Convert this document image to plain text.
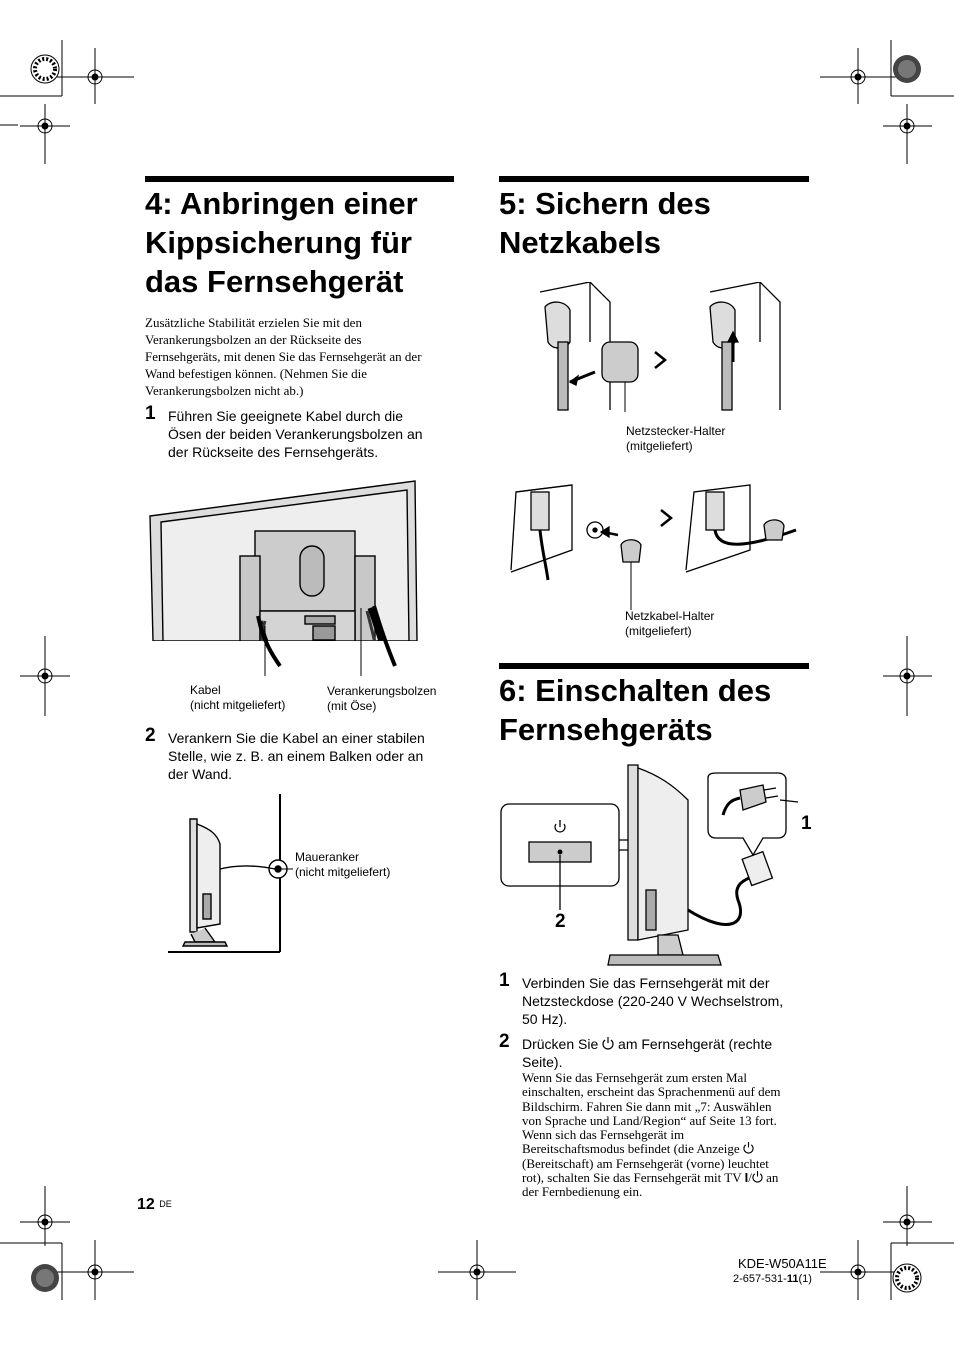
4: Anbringen einer
Kippsicherung für
das Fernsehgerät
Zusätzliche Stabilität erzielen Sie mit den
Verankerungsbolzen an der Rückseite des
Fernsehgeräts, mit denen Sie das Fernsehgerät an der
Wand befestigen können. (Nehmen Sie die
Verankerungsbolzen nicht ab.)
1 Führen Sie geeignete Kabel durch die
Ösen der beiden Verankerungsbolzen an
der Rückseite des Fernsehgeräts.
Kabel
(nicht mitgeliefert)
Verankerungsbolzen
(mit Öse)
2 Verankern Sie die Kabel an einer stabilen
Stelle, wie z. B. an einem Balken oder an
der Wand.
Maueranker
(nicht mitgeliefert)
5: Sichern des
Netzkabels
Netzstecker-Halter
(mitgeliefert)
Netzkabel-Halter
(mitgeliefert)
6: Einschalten des
Fernsehgeräts
1
2
1 Verbinden Sie das Fernsehgerät mit der
Netzsteckdose (220-240 V Wechselstrom,
50 Hz).
2 Drücken Sie  am Fernsehgerät (rechte
Seite).
Wenn Sie das Fernsehgerät zum ersten Mal
einschalten, erscheint das Sprachenmenü auf dem
Bildschirm. Fahren Sie dann mit „7: Auswählen
von Sprache und Land/Region“ auf Seite 13 fort.
Wenn sich das Fernsehgerät im
Bereitschaftsmodus befindet (die Anzeige
(Bereitschaft) am Fernsehgerät (vorne) leuchtet
rot), schalten Sie das Fernsehgerät mit TV I/ an
der Fernbedienung ein.
12 DE
KDE-W50A11E
2-657-531-11(1)
